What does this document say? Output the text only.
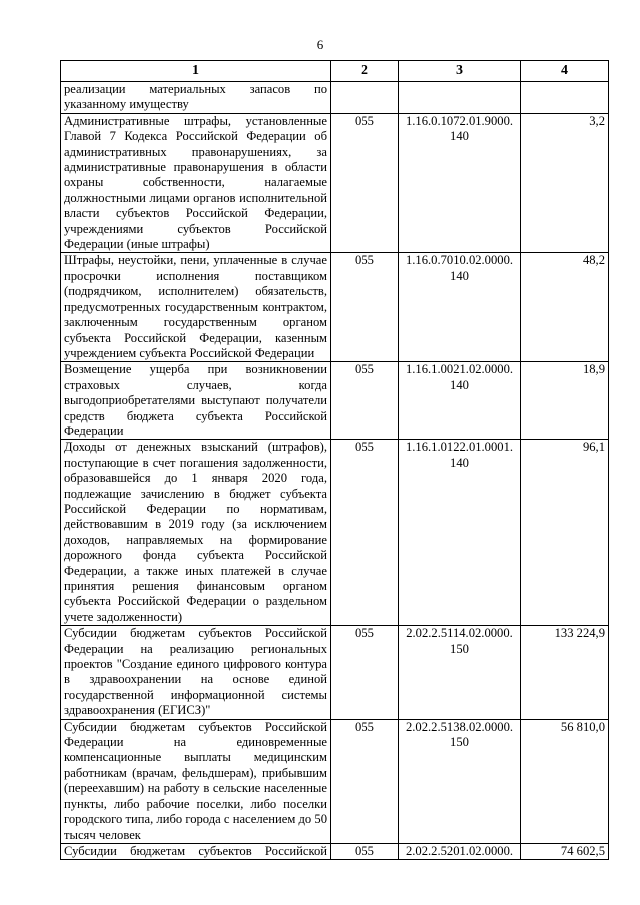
6
1	2	3	4
реализации материальных запасов по указанному имуществу			
Административные штрафы, установленные Главой 7 Кодекса Российской Федерации об административных правонарушениях, за административные правонарушения в области охраны собственности, налагаемые должностными лицами органов исполнительной власти субъектов Российской Федерации, учреждениями субъектов Российской Федерации (иные штрафы)	055	1.16.0.1072.01.9000. 140	3,2
Штрафы, неустойки, пени, уплаченные в случае просрочки исполнения поставщиком (подрядчиком, исполнителем) обязательств, предусмотренных государственным контрактом, заключенным государственным органом субъекта Российской Федерации, казенным учреждением субъекта Российской Федерации	055	1.16.0.7010.02.0000. 140	48,2
Возмещение ущерба при возникновении страховых случаев, когда выгодоприобретателями выступают получатели средств бюджета субъекта Российской Федерации	055	1.16.1.0021.02.0000. 140	18,9
Доходы от денежных взысканий (штрафов), поступающие в счет погашения задолженности, образовавшейся до 1 января 2020 года, подлежащие зачислению в бюджет субъекта Российской Федерации по нормативам, действовавшим в 2019 году (за исключением доходов, направляемых на формирование дорожного фонда субъекта Российской Федерации, а также иных платежей в случае принятия решения финансовым органом субъекта Российской Федерации о раздельном учете задолженности)	055	1.16.1.0122.01.0001. 140	96,1
Субсидии бюджетам субъектов Российской Федерации на реализацию региональных проектов "Создание единого цифрового контура в здравоохранении на основе единой государственной информационной системы здравоохранения (ЕГИСЗ)"	055	2.02.2.5114.02.0000. 150	133 224,9
Субсидии бюджетам субъектов Российской Федерации на единовременные компенсационные выплаты медицинским работникам (врачам, фельдшерам), прибывшим (переехавшим) на работу в сельские населенные пункты, либо рабочие поселки, либо поселки городского типа, либо города с населением до 50 тысяч человек	055	2.02.2.5138.02.0000. 150	56 810,0
Субсидии бюджетам субъектов Российской	055	2.02.2.5201.02.0000.	74 602,5
